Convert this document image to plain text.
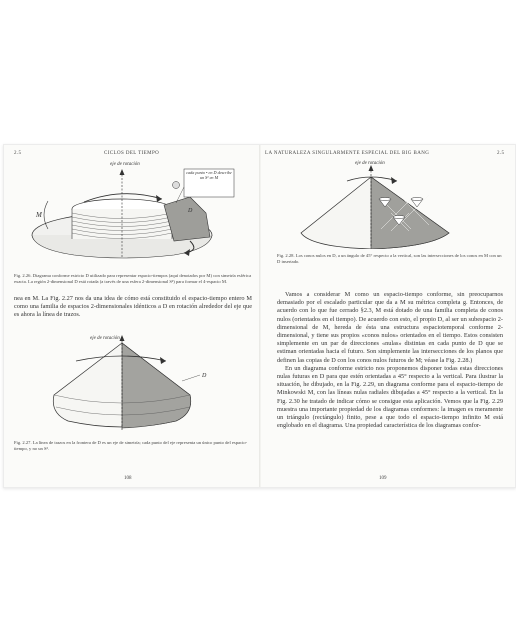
2.5	CICLOS DEL TIEMPO
eje de rotación
M
cada punto • en D describe un S¹ en M
D
Fig. 2.26. Diagrama conforme estricto D utilizado para representar espacio-tiempos (aquí denotados por M) con simetría esférica exacta. La región 2-dimensional D está rotada (a través de una esfera 2-dimensional S²) para formar el 4-espacio M.

nea en M. La Fig. 2.27 nos da una idea de cómo está constituido el espacio-tiempo entero M como una familia de espacios 2-dimensionales idénticos a D en rotación alrededor del eje que es ahora la línea de trazos.

eje de rotación
D
Fig. 2.27. La línea de trazos en la frontera de D es un eje de simetría; cada punto del eje representa un único punto del espacio-tiempo, y no un S².
108
LA NATURALEZA SINGULARMENTE ESPECIAL DEL BIG BANG	2.5
eje de rotación
Fig. 2.28. Los conos nulos en D, a un ángulo de 45° respecto a la vertical, son las intersecciones de los conos en M con un D insertado.

Vamos a considerar M como un espacio-tiempo conforme, sin preocuparnos demasiado por el escalado particular que da a M su métrica completa g. Entonces, de acuerdo con lo que fue cerrado §2.3, M está dotado de una familia completa de conos nulos (orientados en el tiempo). De acuerdo con esto, el propio D, al ser un subespacio 2-dimensional de M, hereda de ésta una estructura espaciotemporal conforme 2-dimensional, y tiene sus propios «conos nulos» orientados en el tiempo. Estos consisten simplemente en un par de direcciones «nulas» distintas en cada punto de D que se estiman orientadas hacia el futuro. Son simplemente las intersecciones de los planos que definen las copias de D con los conos nulos futuros de M; véase la Fig. 2.28.)

En un diagrama conforme estricto nos proponemos disponer todas estas direcciones nulas futuras en D para que estén orientadas a 45° respecto a la vertical. Para ilustrar la situación, he dibujado, en la Fig. 2.29, un diagrama conforme para el espacio-tiempo de Minkowski M, con las líneas nulas radiales dibujadas a 45° respecto a la vertical. En la Fig. 2.30 he tratado de indicar cómo se consigue esta aplicación. Vemos que la Fig. 2.29 muestra una importante propiedad de los diagramas conformes: la imagen es meramente un triángulo (rectángulo) finito, pese a que todo el espacio-tiempo infinito M está englobado en el diagrama. Una propiedad característica de los diagramas confor-

109
